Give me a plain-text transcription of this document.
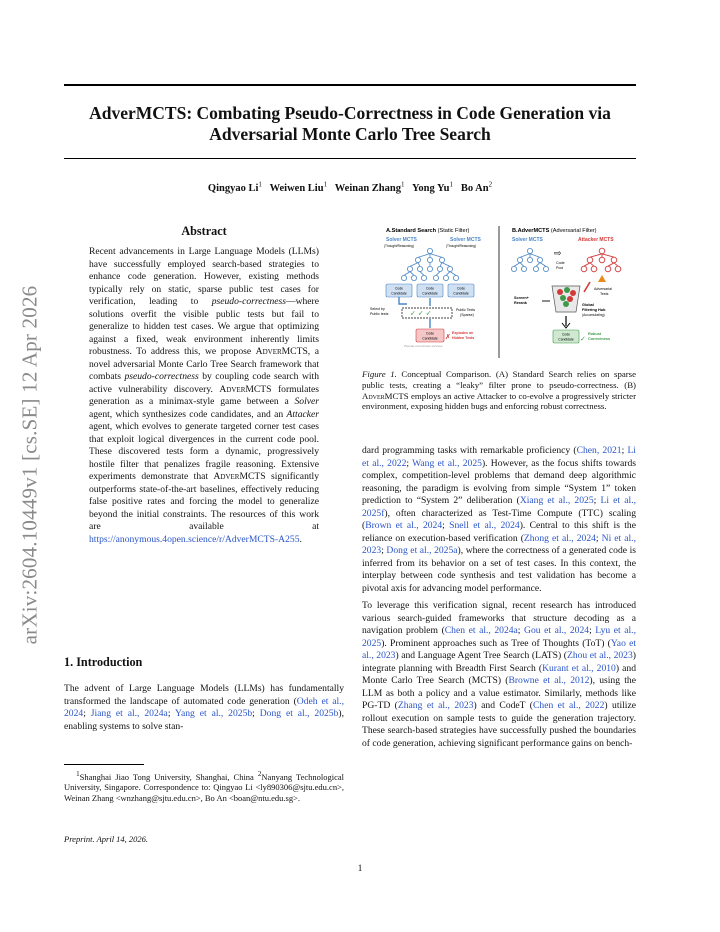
arXiv:2604.10449v1 [cs.SE] 12 Apr 2026
AdverMCTS: Combating Pseudo-Correctness in Code Generation via
Adversarial Monte Carlo Tree Search
Qingyao Li$^1$ Weiwen Liu$^1$ Weinan Zhang$^1$ Yong Yu$^1$ Bo An$^2$
Abstract
Recent advancements in Large Language Models (LLMs) have successfully employed search-based strategies to enhance code generation. However, existing methods typically rely on static, sparse public test cases for verification, leading to pseudo-correctness—where solutions overfit the visible public tests but fail to generalize to hidden test cases. We argue that optimizing against a fixed, weak environment inherently limits robustness. To address this, we propose AdverMCTS, a novel adversarial Monte Carlo Tree Search framework that combats pseudo-correctness by coupling code search with active vulnerability discovery. AdverMCTS formulates generation as a minimax-style game between a Solver agent, which synthesizes code candidates, and an Attacker agent, which evolves to generate targeted corner test cases that exploit logical divergences in the current code pool. These discovered tests form a dynamic, progressively hostile filter that penalizes fragile reasoning. Extensive experiments demonstrate that AdverMCTS significantly outperforms state-of-the-art baselines, effectively reducing false positive rates and forcing the model to generalize beyond the initial constraints. The resources of this work are available at https://anonymous.4open.science/r/AdverMCTS-A255.
1. Introduction
The advent of Large Language Models (LLMs) has fundamentally transformed the landscape of automated code generation (Odeh et al., 2024; Jiang et al., 2024a; Yang et al., 2025b; Dong et al., 2025b), enabling systems to solve stan-
$^1$Shanghai Jiao Tong University, Shanghai, China $^2$Nanyang Technological University, Singapore. Correspondence to: Qingyao Li <ly890306@sjtu.edu.cn>, Weinan Zhang <wnzhang@sjtu.edu.cn>, Bo An <boan@ntu.edu.sg>.
Preprint. April 14, 2026.
1
A.Standard Search (Static Filter)
Solver MCTS
(Thought/Reasoning)
Solver MCTS
(Thought/Reasoning)
Code
Candidate
Code
Candidate
Code
Candidate
✓ ✓ ✓
Select by
Public tests
Public Texts
(Sparse)
Code
Candidate ✗
Explodes on
Hidden Tests
Pseudo-correctness survives
B.AdverMCTS (Adversarial Filter)
Solver MCTS	Attacker MCTS
⇨
Code
Pool
Screen+
Rerank
Adversarial
Tests
Global
Filtering Hub
(Accumulating)
Code
Candidate ✓
Robust
Correctness
Figure 1. Conceptual Comparison. (A) Standard Search relies on sparse public tests, creating a “leaky” filter prone to pseudo-correctness. (B) AdverMCTS employs an active Attacker to co-evolve a progressively stricter environment, exposing hidden bugs and enforcing robust correctness.

dard programming tasks with remarkable proficiency (Chen, 2021; Li et al., 2022; Wang et al., 2025). However, as the focus shifts towards complex, competition-level problems that demand deep algorithmic reasoning, the paradigm is evolving from simple “System 1” token prediction to “System 2” deliberation (Xiang et al., 2025; Li et al., 2025f), often characterized as Test-Time Compute (TTC) scaling (Brown et al., 2024; Snell et al., 2024). Central to this shift is the reliance on execution-based verification (Zhong et al., 2024; Ni et al., 2023; Dong et al., 2025a), where the correctness of a generated code is inferred from its behavior on a set of test cases. In this context, the interplay between code synthesis and test validation has become a pivotal axis for advancing model performance.

To leverage this verification signal, recent research has introduced various search-guided frameworks that structure decoding as a navigation problem (Chen et al., 2024a; Gou et al., 2024; Lyu et al., 2025). Prominent approaches such as Tree of Thoughts (ToT) (Yao et al., 2023) and Language Agent Tree Search (LATS) (Zhou et al., 2023) integrate planning with Breadth First Search (Kurant et al., 2010) and Monte Carlo Tree Search (MCTS) (Browne et al., 2012), using the LLM as both a policy and a value estimator. Similarly, methods like PG-TD (Zhang et al., 2023) and CodeT (Chen et al., 2022) utilize rollout execution on sample tests to guide the generation trajectory. These search-based strategies have successfully pushed the boundaries of code generation, achieving significant performance gains on bench-
